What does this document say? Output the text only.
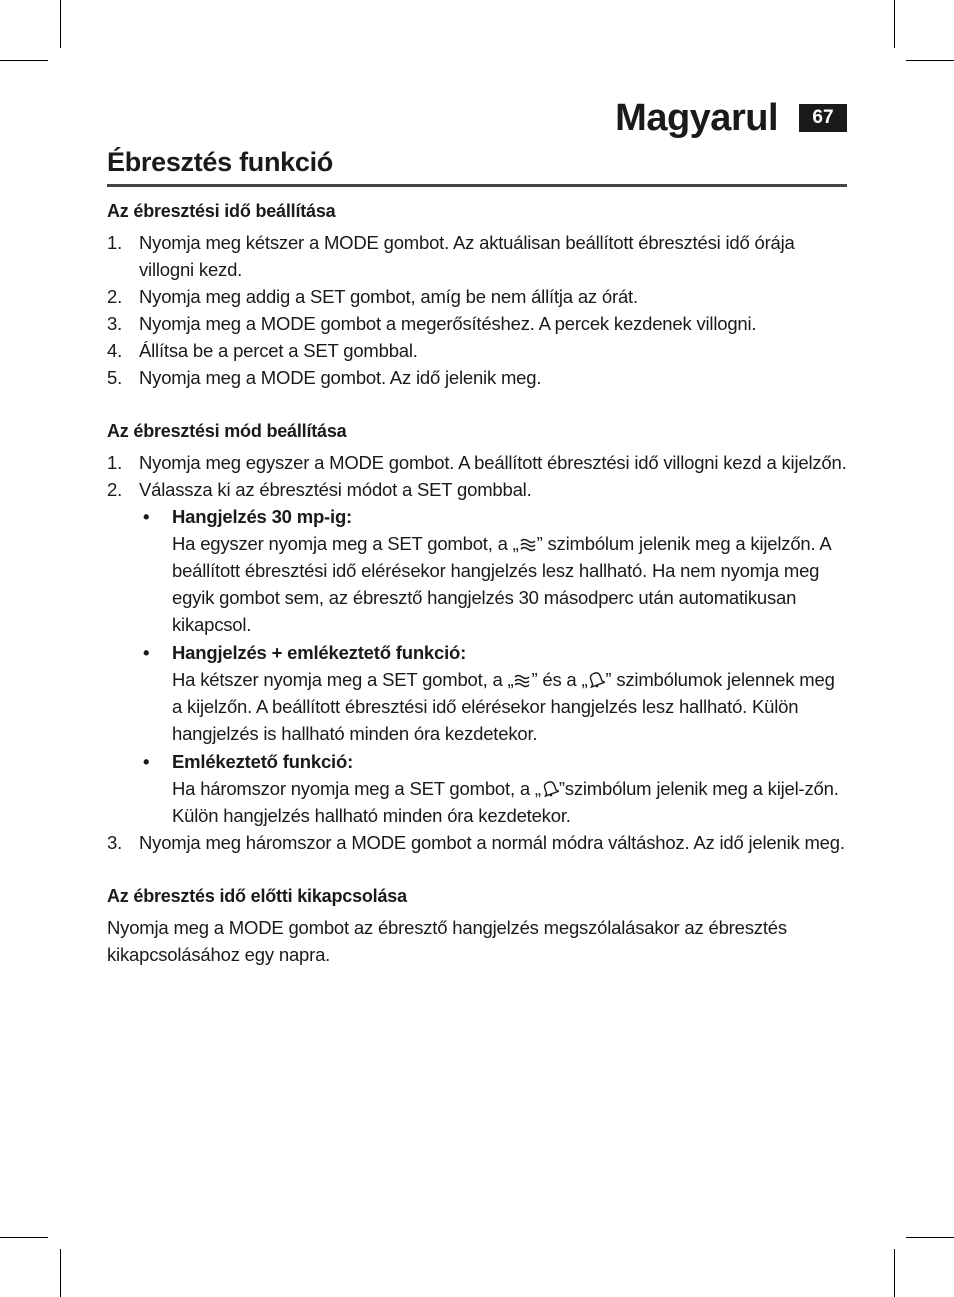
Magyarul	67
Ébresztés funkció

Az ébresztési idő beállítása

1. Nyomja meg kétszer a MODE gombot. Az aktuálisan beállított ébresztési idő órája villogni kezd.
2. Nyomja meg addig a SET gombot, amíg be nem állítja az órát.
3. Nyomja meg a MODE gombot a megerősítéshez. A percek kezdenek villogni.
4. Állítsa be a percet a SET gombbal.
5. Nyomja meg a MODE gombot. Az idő jelenik meg.

Az ébresztési mód beállítása

1. Nyomja meg egyszer a MODE gombot. A beállított ébresztési idő villogni kezd a kijelzőn.
2. Válassza ki az ébresztési módot a SET gombbal.
• Hangjelzés 30 mp-ig:
Ha egyszer nyomja meg a SET gombot, a „ ” szimbólum jelenik meg a kijelzőn. A beállított ébresztési idő elérésekor hangjelzés lesz hallható. Ha nem nyomja meg egyik gombot sem, az ébresztő hangjelzés 30 másodperc után automatikusan kikapcsol.
• Hangjelzés + emlékeztető funkció:
Ha kétszer nyomja meg a SET gombot, a „ ” és a „ ” szimbólumok jelennek meg a kijelzőn. A beállított ébresztési idő elérésekor hangjelzés lesz hallható. Külön hangjelzés is hallható minden óra kezdetekor.
• Emlékeztető funkció:
Ha háromszor nyomja meg a SET gombot, a „ ”szimbólum jelenik meg a kijel-zőn. Külön hangjelzés hallható minden óra kezdetekor.
3. Nyomja meg háromszor a MODE gombot a normál módra váltáshoz. Az idő jelenik meg.

Az ébresztés idő előtti kikapcsolása

Nyomja meg a MODE gombot az ébresztő hangjelzés megszólalásakor az ébresztés kikapcsolásához egy napra.
